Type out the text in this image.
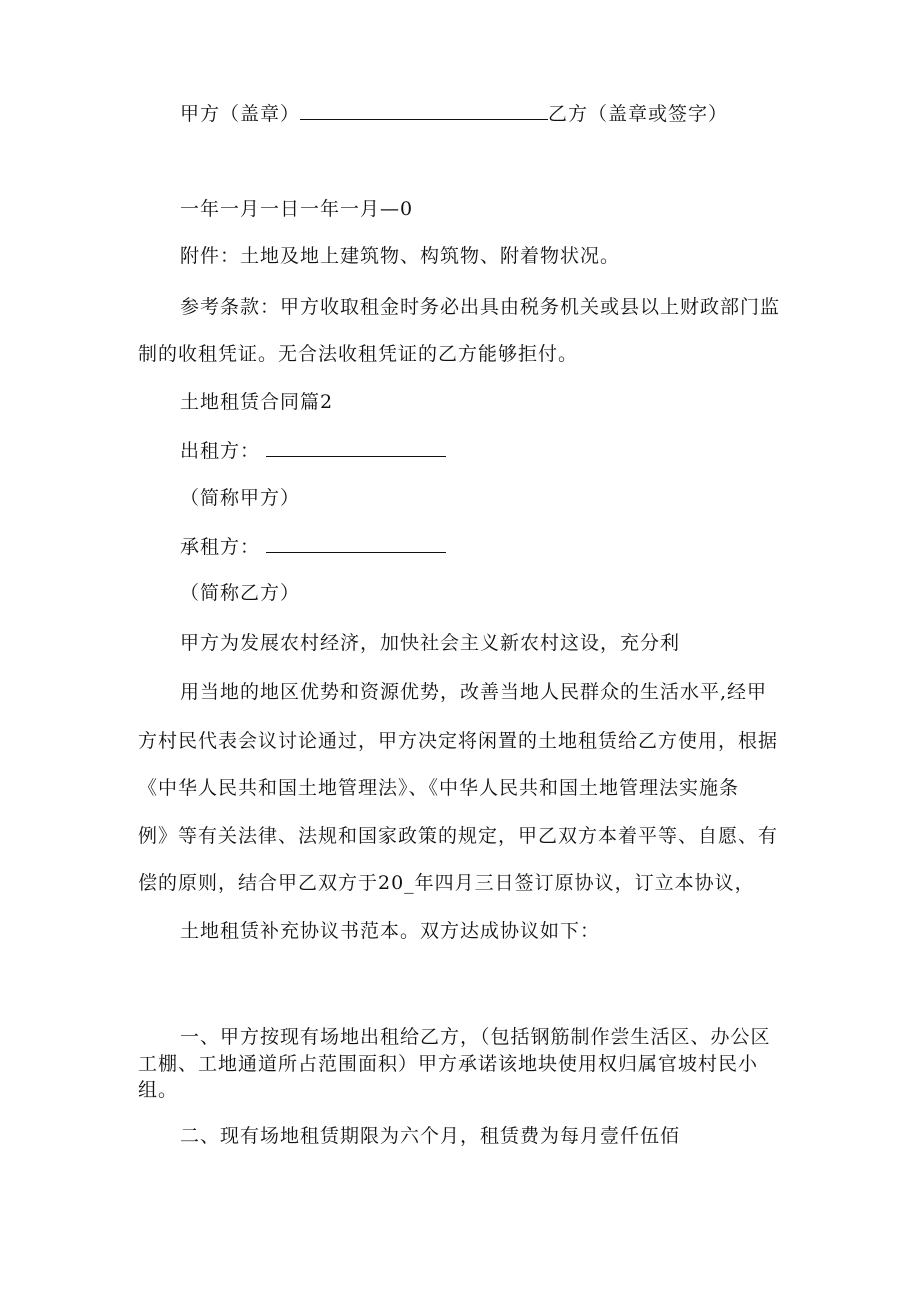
甲方（盖章）	乙方（盖章或签字）
一年一月一日一年一月—0
附件：土地及地上建筑物、构筑物、附着物状况。
参考条款：甲方收取租金时务必出具由税务机关或县以上财政部门监
制的收租凭证。无合法收租凭证的乙方能够拒付。
土地租赁合同篇2
出租方：
（简称甲方）
承租方：
（简称乙方）
甲方为发展农村经济，加快社会主义新农村这设，充分利
用当地的地区优势和资源优势，改善当地人民群众的生活水平,经甲
方村民代表会议讨论通过，甲方决定将闲置的土地租赁给乙方使用，根据
《中华人民共和国土地管理法》、《中华人民共和国土地管理法实施条
例》等有关法律、法规和国家政策的规定，甲乙双方本着平等、自愿、有
偿的原则，结合甲乙双方于20_年四月三日签订原协议，订立本协议，
土地租赁补充协议书范本。双方达成协议如下：
一、甲方按现有场地出租给乙方，（包括钢筋制作尝生活区、办公区
工棚、工地通道所占范围面积）甲方承诺该地块使用权归属官坡村民小
组。
二、现有场地租赁期限为六个月，租赁费为每月壹仟伍佰
